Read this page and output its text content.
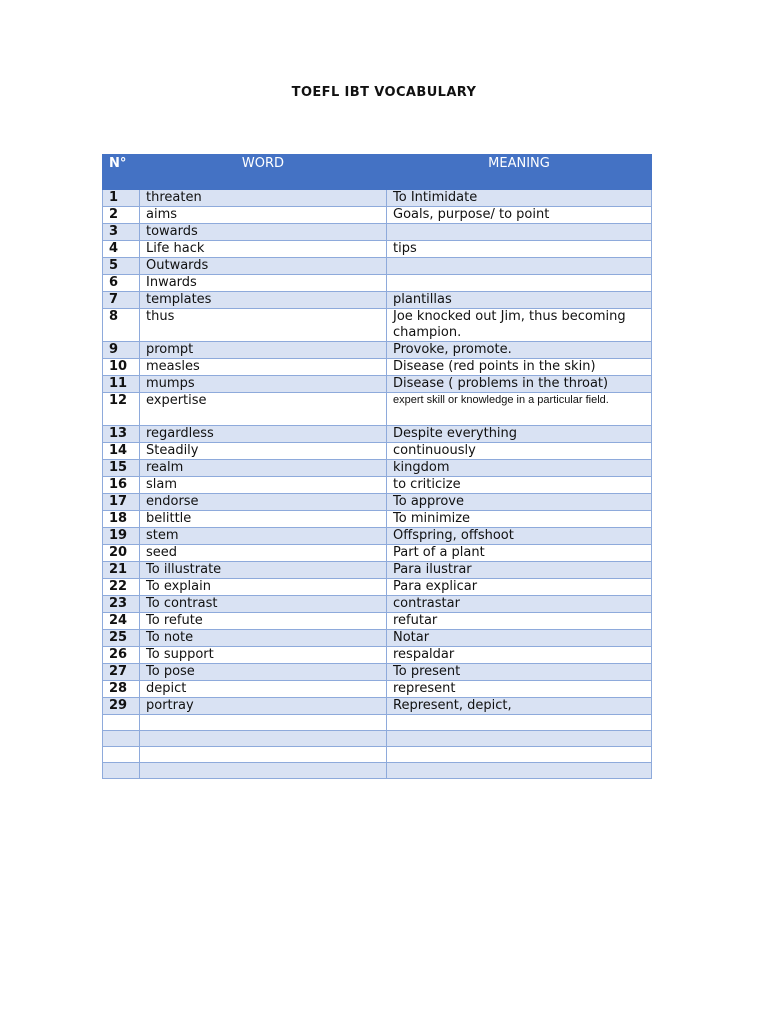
TOEFL IBT VOCABULARY
N°	WORD	MEANING
1	threaten	To Intimidate
2	aims	Goals, purpose/ to point
3	towards	
4	Life hack	tips
5	Outwards	
6	Inwards	
7	templates	plantillas
8	thus	Joe knocked out Jim, thus becoming champion.
9	prompt	Provoke, promote.
10	measles	Disease (red points in the skin)
11	mumps	Disease ( problems in the throat)
12	expertise	expert skill or knowledge in a particular field.

13	regardless	Despite everything
14	Steadily	continuously
15	realm	kingdom
16	slam	to criticize
17	endorse	To approve
18	belittle	To minimize
19	stem	Offspring, offshoot
20	seed	Part of a plant
21	To illustrate	Para ilustrar
22	To explain	Para explicar
23	To contrast	contrastar
24	To refute	refutar
25	To note	Notar
26	To support	respaldar
27	To pose	To present
28	depict	represent
29	portray	Represent, depict,
